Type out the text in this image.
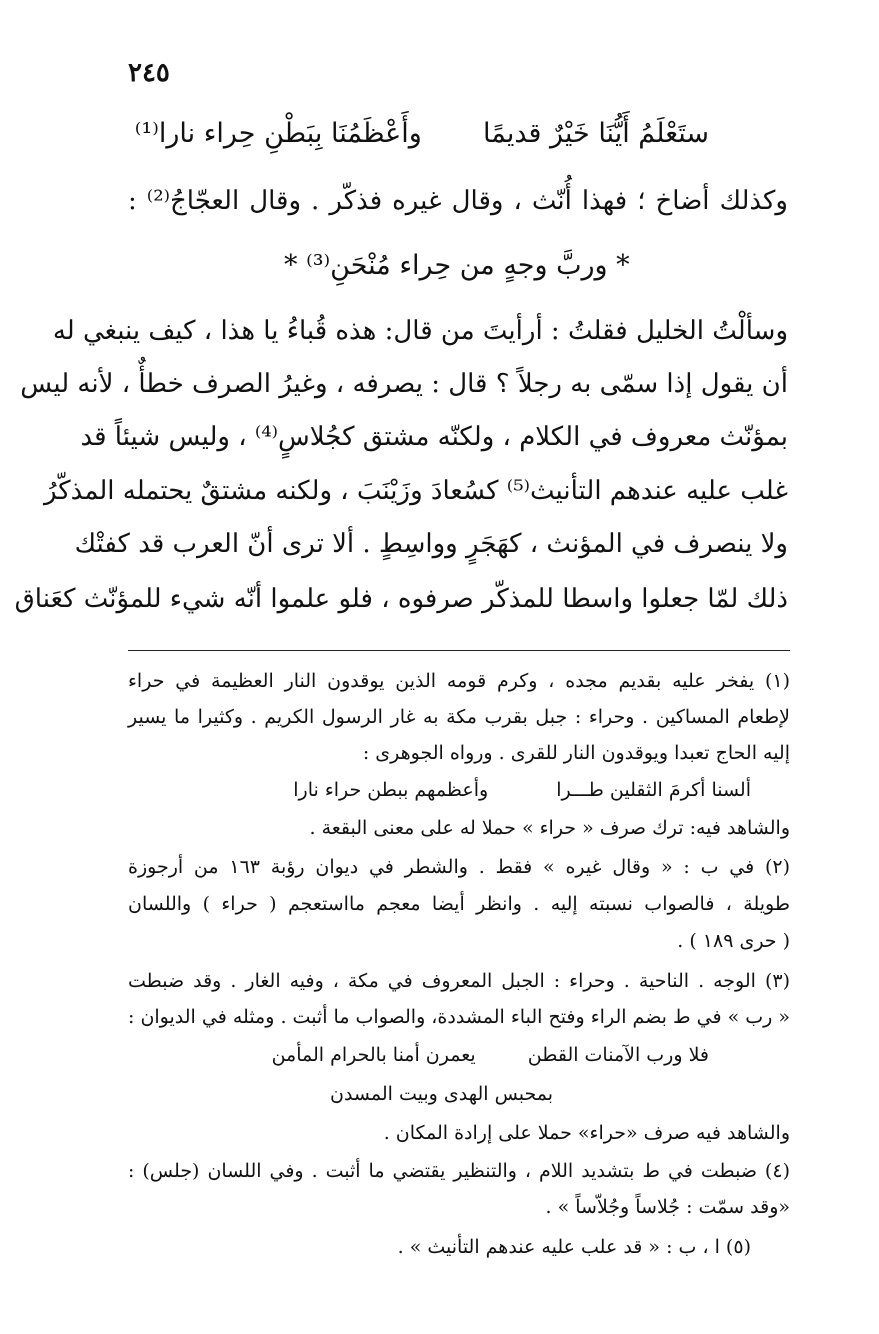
٢٤٥
ستَعْلَمُ أَيُّنَا خَيْرٌ قديمًا  وأَعْظَمُنَا بِبَطْنِ حِراء نارا⁽¹⁾
وكذلك أضاخ ؛ فهذا أُنّث ، وقال غيره فذكّر . وقال العجّاجُ⁽²⁾ :
* وربَّ وجهٍ من حِراء مُنْحَنِ⁽³⁾ *
وسألْتُ الخليل فقلتُ : أرأيتَ من قال: هذه قُباءُ يا هذا ، كيف ينبغي له
أن يقول إذا سمّى به رجلاً ؟ قال : يصرفه ، وغيرُ الصرف خطأٌ ، لأنه ليس
بمؤنّث معروف في الكلام ، ولكنّه مشتق كجُلاسٍ⁽⁴⁾ ، وليس شيئاً قد
غلب عليه عندهم التأنيث⁽⁵⁾ كسُعادَ وزَيْنَبَ ، ولكنه مشتقٌ يحتمله المذكّرُ
ولا ينصرف في المؤنث ، كهَجَرٍ وواسِطٍ . ألا ترى أنّ العرب قد كفتْك
ذلك لمّا جعلوا واسطا للمذكّر صرفوه ، فلو علموا أنّه شيء للمؤنّث كعَناق
(١) يفخر عليه بقديم مجده ، وكرم قومه الذين يوقدون النار العظيمة في حراء
لإطعام المساكين . وحراء : جبل بقرب مكة به غار الرسول الكريم . وكثيرا ما يسير
إليه الحاج تعبدا ويوقدون النار للقرى . ورواه الجوهرى :
ألسنا أكرمَ الثقلين طـــرا  وأعظمهم ببطن حراء نارا
والشاهد فيه: ترك صرف « حراء » حملا له على معنى البقعة .
(٢) في ب : « وقال غيره » فقط . والشطر في ديوان رؤبة ١٦٣ من أرجوزة
طويلة ، فالصواب نسبته إليه . وانظر أيضا معجم مااستعجم ( حراء ) واللسان
( حرى ١٨٩ ) .
(٣) الوجه . الناحية . وحراء : الجبل المعروف في مكة ، وفيه الغار . وقد ضبطت
« رب » في ط بضم الراء وفتح الباء المشددة، والصواب ما أثبت . ومثله في الديوان :
فلا ورب الآمنات القطن  يعمرن أمنا بالحرام المأمن
بمحبس الهدى وبيت المسدن
والشاهد فيه صرف «حراء» حملا على إرادة المكان .
(٤) ضبطت في ط بتشديد اللام ، والتنظير يقتضي ما أثبت . وفي اللسان (جلس) :
«وقد سمّت : جُلاساً وجُلاّساً » .
(٥) ا ، ب : « قد علب عليه عندهم التأنيث » .
